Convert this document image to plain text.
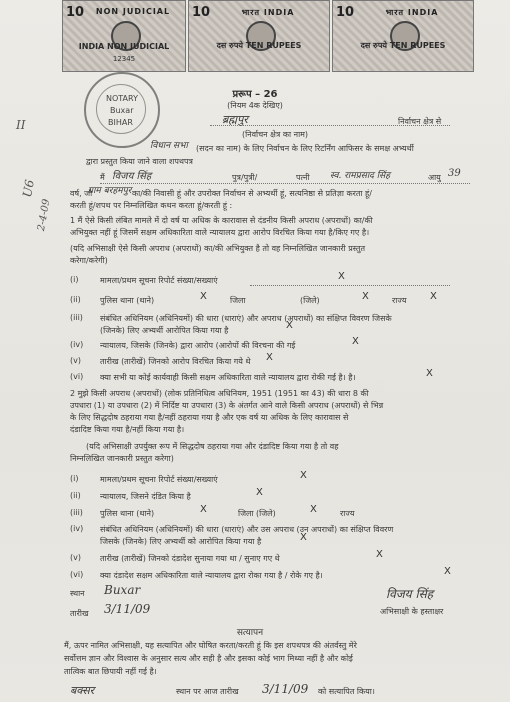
10	NON JUDICIAL
INDIA NON JUDICIAL
12345
10	भारत INDIA
दस रुपये TEN RUPEES
10	भारत INDIA
दस रुपये TEN RUPEES
NOTARY
Buxar
BIHAR
II
U6
2-4-09
प्ररूप – 26
(नियम 4क देखिए)
ब्रह्मपुर	निर्वाचन क्षेत्र से
(निर्वाचन क्षेत्र का नाम)
विधान सभा (सदन का नाम) के लिए निर्वाचन के लिए रिटर्निंग आफिसर के समक्ष अभ्यर्थी
द्वारा प्रस्तुत किया जाने वाला शपथपत्र
मैं विजय सिंह	पुत्र/पुत्री/	पत्नी स्व. रामप्रसाद सिंह	आयु 39
ग्राम बरहमपुर
वर्ष, जो	का/की निवासी हूं और उपरोक्त निर्वाचन से अभ्यर्थी हूं, सत्यनिष्ठा से प्रतिज्ञा करता हूं/
करती हूं/शपथ पर निम्नलिखित कथन करता हूं/करती हूं :
1 मैं ऐसे किसी लंबित मामले में दो वर्ष या अधिक के कारावास से दंडनीय किसी अपराध (अपराधों) का/की
अभियुक्त नहीं हूं जिसमें सक्षम अधिकारिता वाले न्यायालय द्वारा आरोप विरचित किया गया है/किए गए है।
(यदि अभिसाक्षी ऐसे किसी अपराध (अपराधों) का/की अभियुक्त है तो वह निम्नलिखित जानकारी प्रस्तुत
करेगा/करेगी)
(i)	मामला/प्रथम सूचना रिपोर्ट संख्या/सख्याएं	X
(ii) पुलिस थाना (थाने)	X	जिला	(जिले)	X	राज्य X
(iii) संबंधित अधिनियम (अधिनियमों) की धारा (धाराएं) और अपराध (अपराधों) का संक्षिप्त विवरण जिसके
(जिनके) लिए अभ्यर्थी आरोपित किया गया है	X
(iv) न्यायालय, जिसके (जिनके) द्वारा आरोप (आरोपों की विरचना की गई	X
(v) तारीख (तारीखें) जिनको आरोप विरचित किया गये थे X
(vi) क्या सभी या कोई कार्यवाही किसी सक्षम अधिकारिता वाले न्यायालय द्वारा रोकी गई है। है।	X
2 मुझे किसी अपराध (अपराधों) (लोक प्रतिनिधित्व अधिनियम, 1951 (1951 का 43) की धारा 8 की
उपधारा (1) या उपधारा (2) में निर्दिष्ट या उपधारा (3) के अंतर्गत आने वाले किसी अपराध (अपराधों) से भिन्न
के लिए सिद्धदोष ठहराया गया है/नहीं ठहराया गया है और एक वर्ष या अधिक के लिए कारावास से
दंडादिष्ट किया गया है/नहीं किया गया है।
(यदि अभिसाक्षी उपर्युक्त रूप में सिद्धदोष ठहराया गया और दंडादिष्ट किया गया है तो वह
निम्नलिखित जानकारी प्रस्तुत करेगा)
(i)	मामला/प्रथम सूचना रिपोर्ट संख्या/सख्याएं	X
(ii) न्यायालय, जिसने दंडित किया है	X
(iii) पुलिस थाना (थाने)	X	जिला (जिले)	X	राज्य
(iv) संबंधित अधिनियम (अधिनियमों) की धारा (धाराएं) और उस अपराध (उन अपराधों) का संक्षिप्त विवरण
जिसके (जिनके) लिए अभ्यर्थी को आरोपित किया गया है	X
(v) तारीख (तारीखें) जिनको दंडादेश सुनाया गया था / सुनाए गए थे	X
(vi) क्या दंडादेश सक्षम अधिकारिता वाले न्यायालय द्वारा रोका गया है / रोके गए है।	X
स्थान Buxar
तारीख 3/11/09
विजय सिंह
अभिसाक्षी के हस्ताक्षर
सत्यापन
मैं, ऊपर नामित अभिसाक्षी, यह सत्यापित और घोषित करता/करती हूं कि इस शपथपत्र की अंतर्वस्तु मेरे
सर्वोत्तम ज्ञान और विश्वास के अनुसार सत्य और सही है और इसका कोई भाग मिथ्या नहीं है और कोई
तात्विक बात छिपायी नहीं गई है।
बक्सर	स्थान पर आज तारीख 3/11/09 को सत्यापित किया।
